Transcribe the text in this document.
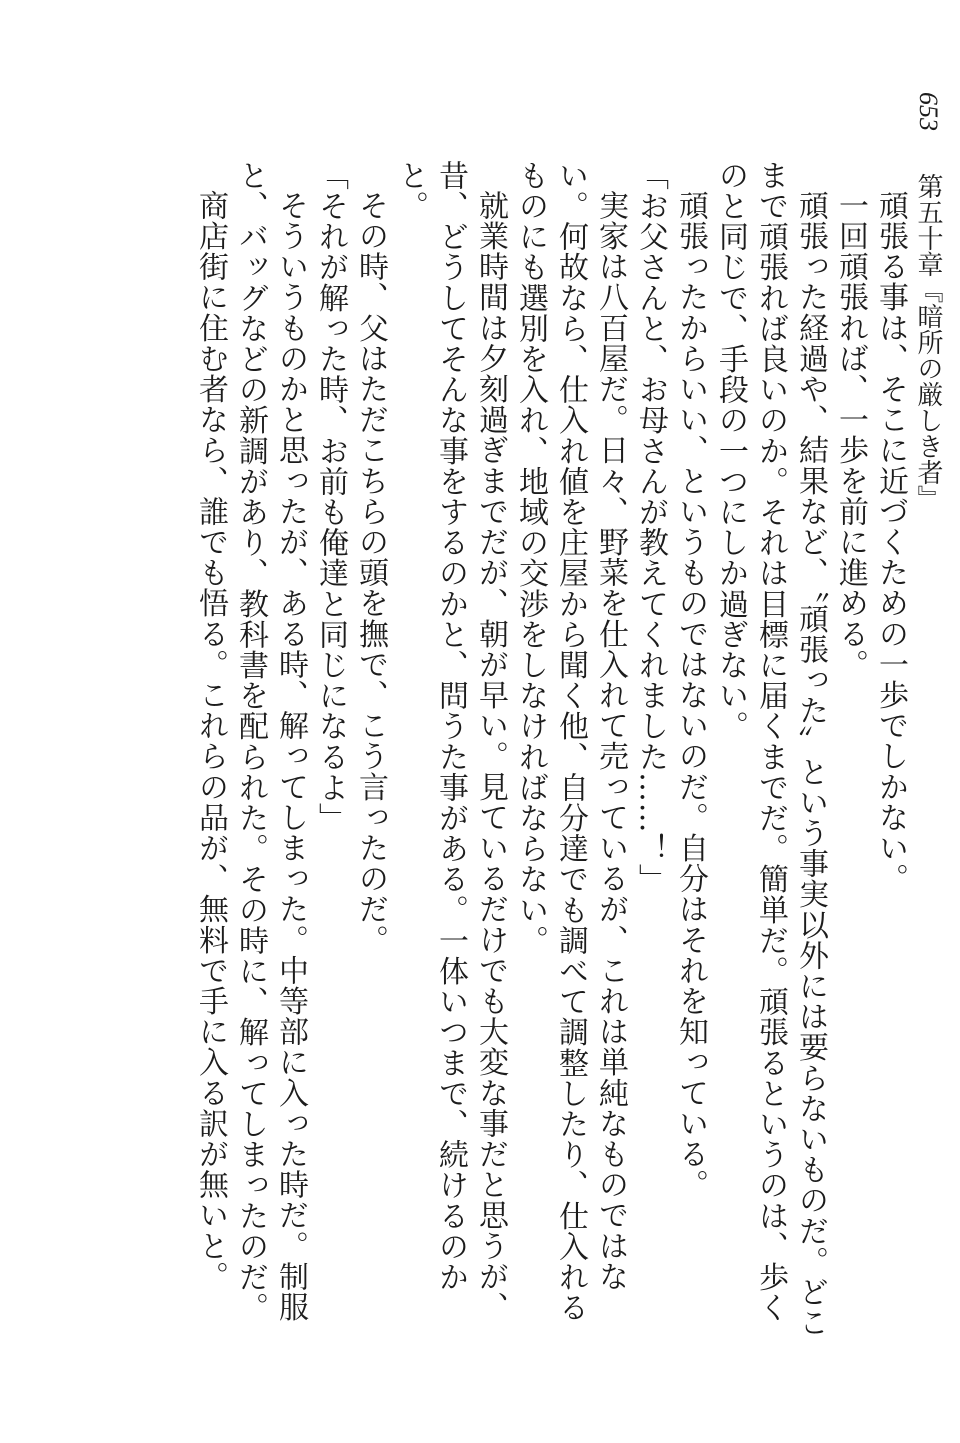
653 第五十章『暗所の厳しき者』

頑張る事は、そこに近づくための一歩でしかない。

一回頑張れば、一歩を前に進める。

頑張った経過や、結果など、〝頑張った〟という事実以外には要らないものだ。どこまで頑張れば良いのか。それは目標に届くまでだ。簡単だ。頑張るというのは、歩くのと同じで、手段の一つにしか過ぎない。

頑張ったからいい、というものではないのだ。自分はそれを知っている。

「お父さんと、お母さんが教えてくれました……！」

実家は八百屋だ。日々、野菜を仕入れて売っているが、これは単純なものではない。何故なら、仕入れ値を庄屋から聞く他、自分達でも調べて調整したり、仕入れるものにも選別を入れ、地域の交渉をしなければならない。

就業時間は夕刻過ぎまでだが、朝が早い。見ているだけでも大変な事だと思うが、昔、どうしてそんな事をするのかと、問うた事がある。一体いつまで、続けるのかと。

その時、父はただこちらの頭を撫で、こう言ったのだ。

「それが解った時、お前も俺達と同じになるよ」

そういうものかと思ったが、ある時、解ってしまった。中等部に入った時だ。制服と、バッグなどの新調があり、教科書を配られた。その時に、解ってしまったのだ。

商店街に住む者なら、誰でも悟る。これらの品が、無料で手に入る訳が無いと。
